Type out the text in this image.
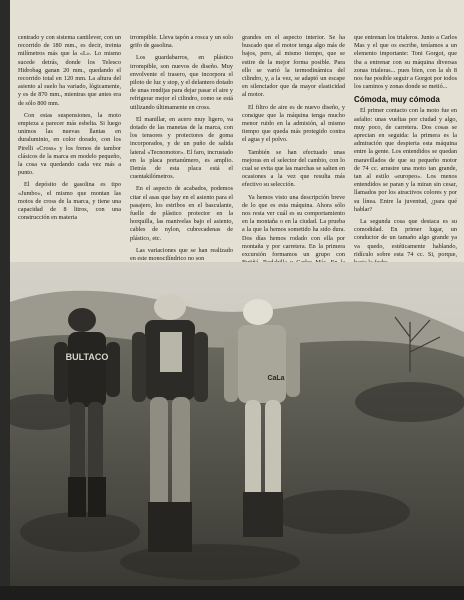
centrado y con sistema cantilever, con un recorrido de 180 mm., es decir, treinta milímetros más que la «L». Lo mismo sucede detrás, donde los Telesco Hidrobag ganan 20 mm., quedando el recorrido total en 120 mm. La altura del asiento al suelo ha variado, lógicamente, y es de 870 mm., mientras que antes era de sólo 800 mm.

Con estas suspensiones, la moto empieza a parecer más esbelta. Si luego unimos las nuevas llantas en duraluminio, en color dorado, con los Pirelli «Cross» y los frenos de tambor clásicos de la marca en modelo pequeño, la cosa va quedando cada vez más a punto.

El depósito de gasolina es tipo «Jumbo», el mismo que montan las motos de cross de la marca, y tiene una capacidad de 8 litros, con una construcción en materia

irrompible. Lleva tapón a rosca y un solo grifo de gasolina.

Los guardabarros, en plástico irrompible, son nuevos de diseño. Muy envolvente el trasero, que incorpora el piloto de luz y stop, y el delantero dotado de unas rendijas para dejar pasar el aire y refrigerar mejor el cilindro, como se está utilizando últimamente en cross.

El manillar, en acero muy ligero, va dotado de las manetas de la marca, con los tensores y protectores de goma incorporados, y de un puño de salida lateral «Tecnomotor». El faro, incrustado en la placa portanúmero, es amplio. Detrás de esta placa está el cuentakilómetros.

En el aspecto de acabados, podemos citar el asas que hay en el asiento para el pasajero, los estribos en el basculante, fuelle de plástico protector en la horquilla, las manivelas bajo el asiento, cables de nylon, cubrecadenas de plástico, etc.

Las variaciones que se han realizado en este monocilíndrico no son

grandes en el aspecto interior. Se ha buscado que el motor tenga algo más de bajos, pero, al mismo tiempo, que se estire de la mejor forma posible. Para ello se varió la termodinámica del cilindro, y, a la vez, se adaptó un escape en silenciador que da mayor elasticidad al motor.

El filtro de aire es de nuevo diseño, y consigue que la máquina tenga mucho menor ruido en la admisión, al mismo tiempo que queda más protegido contra el agua y el polvo.

También se han efectuado unas mejoras en el selector del cambio, con lo cual se evita que las marchas se salten en ocasiones a la vez que resulta más efectivo su selección.

Ya hemos visto una descripción breve de lo que es esta máquina. Ahora sólo nos resta ver cuál es su comportamiento en la montaña o en la ciudad. La prueba a la que la hemos sometido ha sido dura. Dos días hemos rodado con ella por montaña y por carretera. En la primera excursión formamos un grupo con

que entrenan los trialeros. Junto a Carlos Mas y el que os escribe, teníamos a un elemento importante: Toni Gorgot, que iba a entrenar con su máquina diversas zonas trialeras... pues bien, con la sh 8 nos fue posible seguir a Gorgot por todos los caminos y zonas donde se metió...

Cómoda, muy cómoda

El primer contacto con la moto fue en asfalto: unas vueltas por ciudad y algo, muy poco, de carretera. Dos cosas se aprecian en seguida: la primera es la admiración que despierta esta máquina entre la gente. Los entendidos se quedan maravillados de que su pequeño motor de 74 cc. arrastre una moto tan grande, tan al estilo «europeo». Los menos entendidos se paran y la miran sin cesar, llamados por los atractivos colores y por su línea. Entre la juventud, ¿para qué hablar?

La segunda cosa que destaca es su comodidad. En primer lugar, un conductor de un tamaño algo grande ya va quedo, estéticamente hablando, ridículo sobre esta 74 cc. Si, porque,

BULTACO
CaLa
